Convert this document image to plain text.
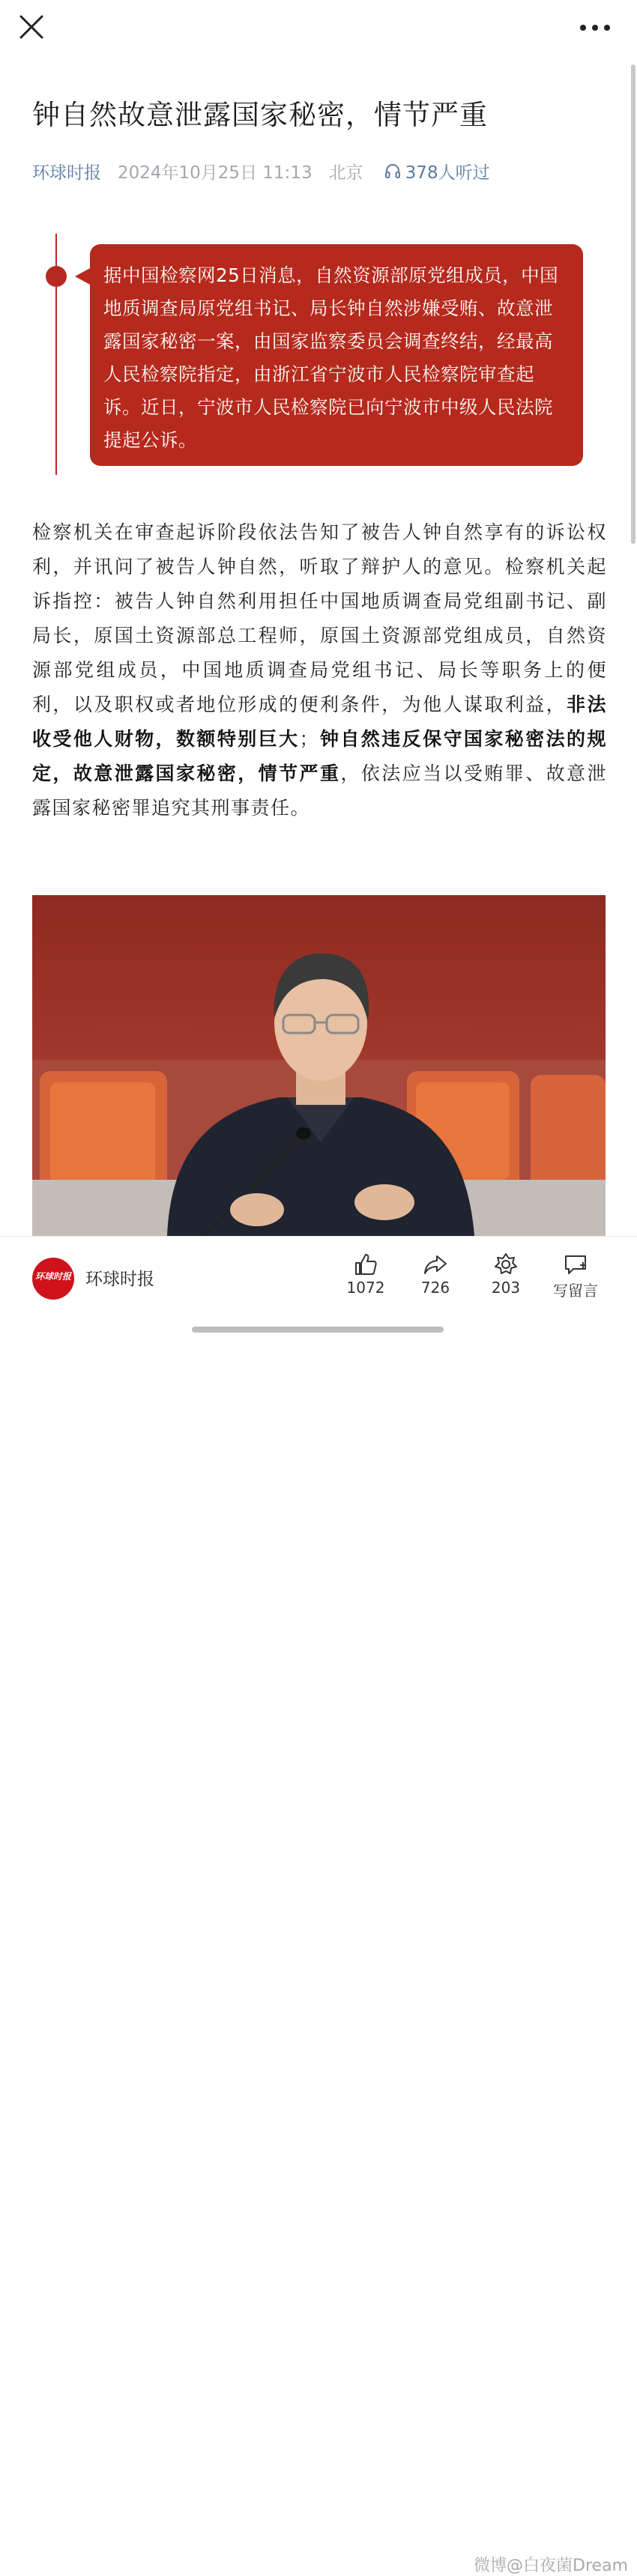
钟自然故意泄露国家秘密，情节严重
环球时报 2024年10月25日 11:13 北京 378人听过

据中国检察网25日消息，自然资源部原党组成员，中国地质调查局原党组书记、局长钟自然涉嫌受贿、故意泄露国家秘密一案，由国家监察委员会调查终结，经最高人民检察院指定，由浙江省宁波市人民检察院审查起诉。近日，宁波市人民检察院已向宁波市中级人民法院提起公诉。

检察机关在审查起诉阶段依法告知了被告人钟自然享有的诉讼权利，并讯问了被告人钟自然，听取了辩护人的意见。检察机关起诉指控：被告人钟自然利用担任中国地质调查局党组副书记、副局长，原国土资源部总工程师，原国土资源部党组成员，自然资源部党组成员，中国地质调查局党组书记、局长等职务上的便利，以及职权或者地位形成的便利条件，为他人谋取利益，非法收受他人财物，数额特别巨大；钟自然违反保守国家秘密法的规定，故意泄露国家秘密，情节严重，依法应当以受贿罪、故意泄露国家秘密罪追究其刑事责任。

环球时报 环球时报	1072	726	203	写留言
微博@白夜菌Dream
